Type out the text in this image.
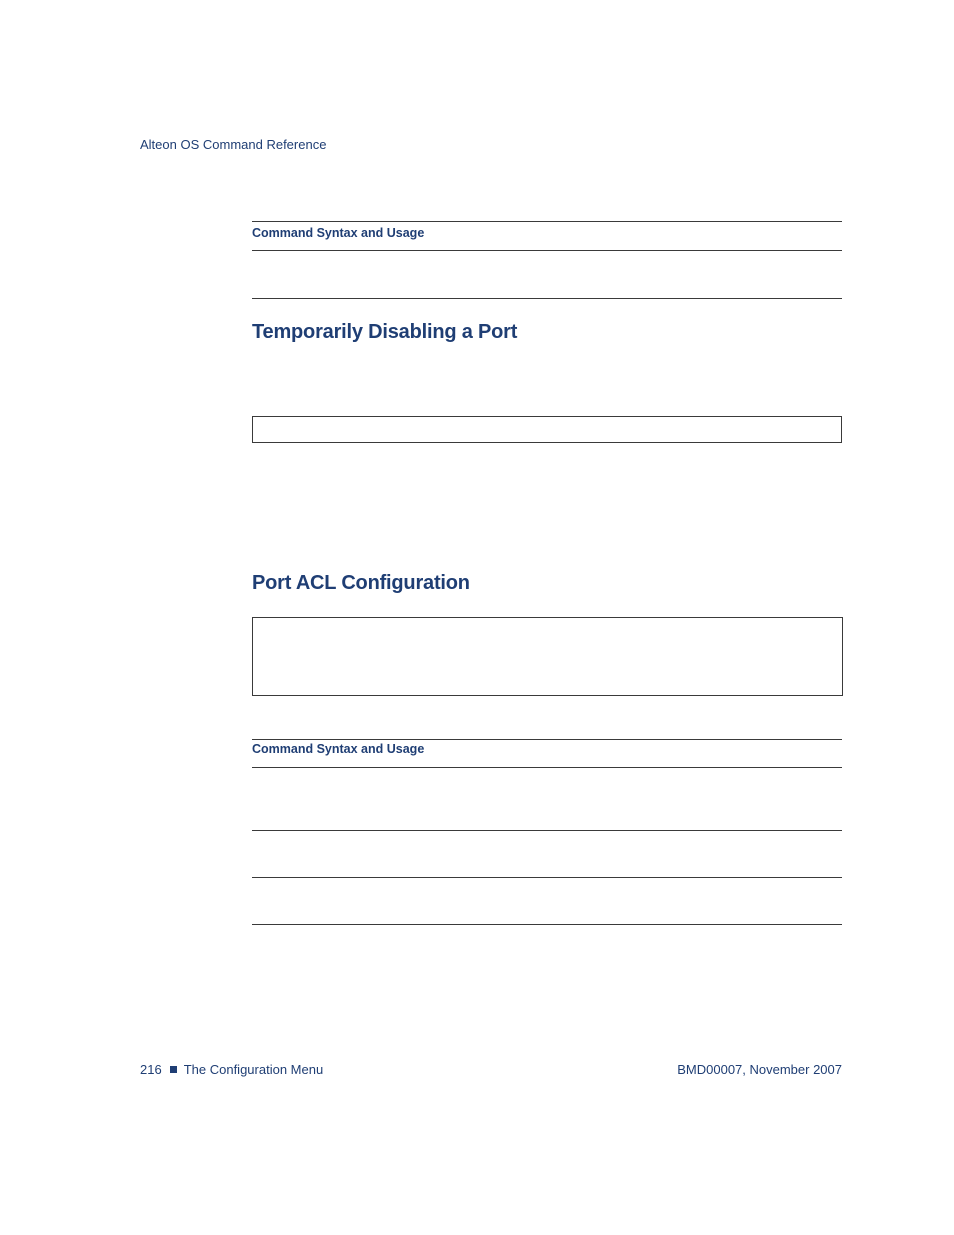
Alteon OS Command Reference
Command Syntax and Usage
Temporarily Disabling a Port
Port ACL Configuration
Command Syntax and Usage
216 The Configuration Menu	BMD00007, November 2007
